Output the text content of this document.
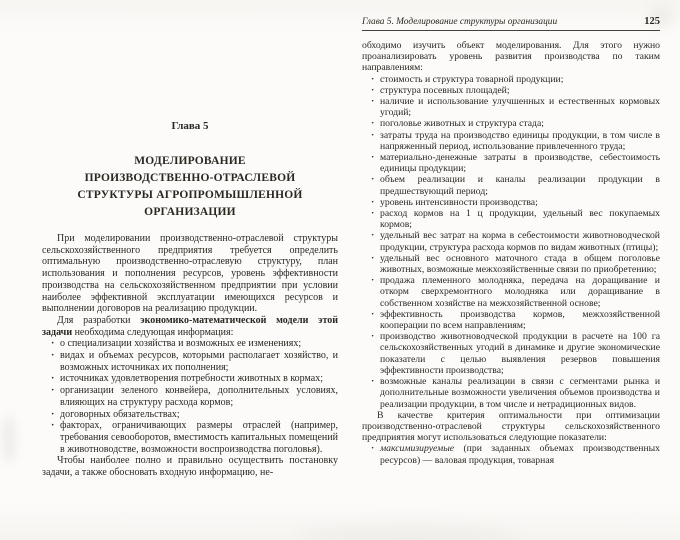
Глава 5
МОДЕЛИРОВАНИЕ
ПРОИЗВОДСТВЕННО-ОТРАСЛЕВОЙ
СТРУКТУРЫ АГРОПРОМЫШЛЕННОЙ
ОРГАНИЗАЦИИ

При моделировании производственно-отраслевой структуры сельскохозяйственного предприятия требуется определить оптимальную производственно-отраслевую структуру, план использования и пополнения ресурсов, уровень эффективности производства на сельскохозяйственном предприятии при условии наиболее эффективной эксплуатации имеющихся ресурсов и выполнении договоров на реализацию продукции.

Для разработки экономико-математической модели этой задачи необходима следующая информация:

· о специализации хозяйства и возможных ее изменениях;
· видах и объемах ресурсов, которыми располагает хозяйство, и возможных источниках их пополнения;
· источниках удовлетворения потребности животных в кормах;
· организации зеленого конвейера, дополнительных условиях, влияющих на структуру расхода кормов;
· договорных обязательствах;
· факторах, ограничивающих размеры отраслей (например, требования севооборотов, вместимость капитальных помещений в животноводстве, возможности воспроизводства поголовья).

Чтобы наиболее полно и правильно осуществить постановку задачи, а также обосновать входную информацию, не-

Глава 5. Моделирование структуры организации	125

обходимо изучить объект моделирования. Для этого нужно проанализировать уровень развития производства по таким направлениям:

· стоимость и структура товарной продукции;
· структура посевных площадей;
· наличие и использование улучшенных и естественных кормовых угодий;
· поголовье животных и структура стада;
· затраты труда на производство единицы продукции, в том числе в напряженный период, использование привлеченного труда;
· материально-денежные затраты в производстве, себестоимость единицы продукции;
· объем реализации и каналы реализации продукции в предшествующий период;
· уровень интенсивности производства;
· расход кормов на 1 ц продукции, удельный вес покупаемых кормов;
· удельный вес затрат на корма в себестоимости животноводческой продукции, структура расхода кормов по видам животных (птицы);
· удельный вес основного маточного стада в общем поголовье животных, возможные межхозяйственные связи по приобретению;
· продажа племенного молодняка, передача на доращивание и откорм сверхремонтного молодняка или доращивание в собственном хозяйстве на межхозяйственной основе;
· эффективность производства кормов, межхозяйственной кооперации по всем направлениям;
· производство животноводческой продукции в расчете на 100 га сельскохозяйственных угодий в динамике и другие экономические показатели с целью выявления резервов повышения эффективности производства;
· возможные каналы реализации в связи с сегментами рынка и дополнительные возможности увеличения объемов производства и реализации продукции, в том числе и нетрадиционных видов.

В качестве критерия оптимальности при оптимизации производственно-отраслевой структуры сельскохозяйственного предприятия могут использоваться следующие показатели:

· максимизируемые (при заданных объемах производственных ресурсов) — валовая продукция, товарная
